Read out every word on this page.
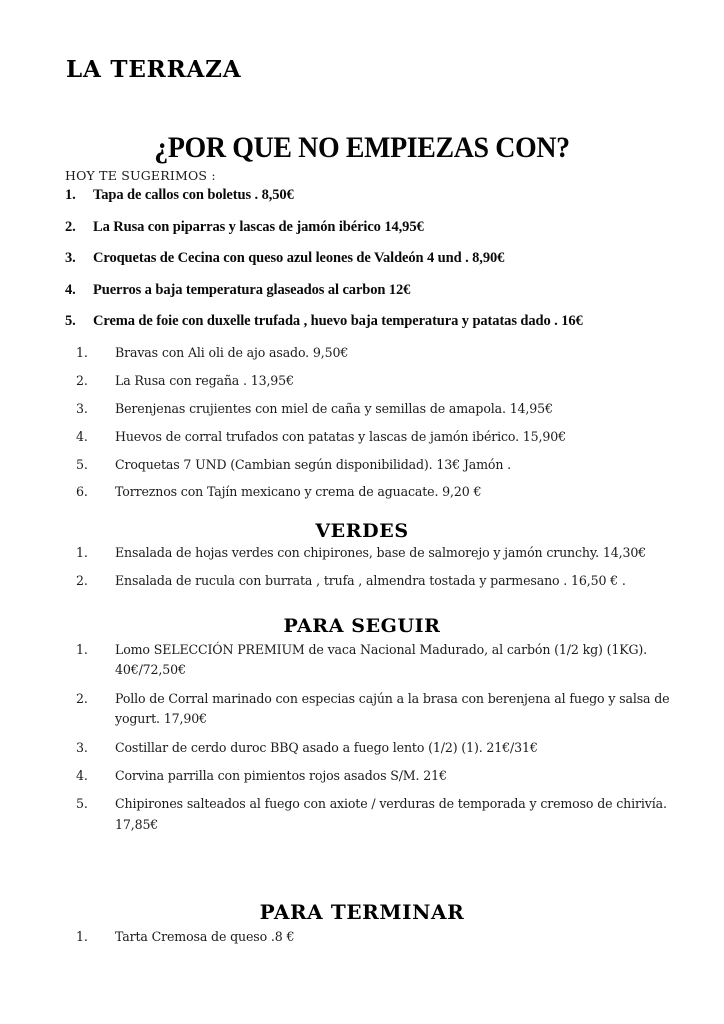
LA TERRAZA
¿POR QUE NO EMPIEZAS CON?
HOY TE SUGERIMOS :
1. Tapa de callos con boletus . 8,50€
2. La Rusa con piparras y lascas de jamón ibérico 14,95€
3. Croquetas de Cecina con queso azul leones de Valdeón 4 und . 8,90€
4. Puerros a baja temperatura glaseados al carbon 12€
5. Crema de foie con duxelle trufada , huevo baja temperatura y patatas dado . 16€
1. Bravas con Ali oli de ajo asado. 9,50€
2. La Rusa con regaña . 13,95€
3. Berenjenas crujientes con miel de caña y semillas de amapola. 14,95€
4. Huevos de corral trufados con patatas y lascas de jamón ibérico. 15,90€
5. Croquetas 7 UND (Cambian según disponibilidad). 13€ Jamón .
6. Torreznos con Tajín mexicano y crema de aguacate. 9,20 €
VERDES
1. Ensalada de hojas verdes con chipirones, base de salmorejo y jamón crunchy. 14,30€
2. Ensalada de rucula con burrata , trufa , almendra tostada y parmesano . 16,50 € .
PARA SEGUIR
1. Lomo SELECCIÓN PREMIUM de vaca Nacional Madurado, al carbón (1/2 kg) (1KG). 40€/72,50€
2. Pollo de Corral marinado con especias cajún a la brasa con berenjena al fuego y salsa de yogurt. 17,90€
3. Costillar de cerdo duroc BBQ asado a fuego lento (1/2) (1). 21€/31€
4. Corvina parrilla con pimientos rojos asados S/M. 21€
5. Chipirones salteados al fuego con axiote / verduras de temporada y cremoso de chirivía. 17,85€
PARA TERMINAR
1. Tarta Cremosa de queso .8 €
